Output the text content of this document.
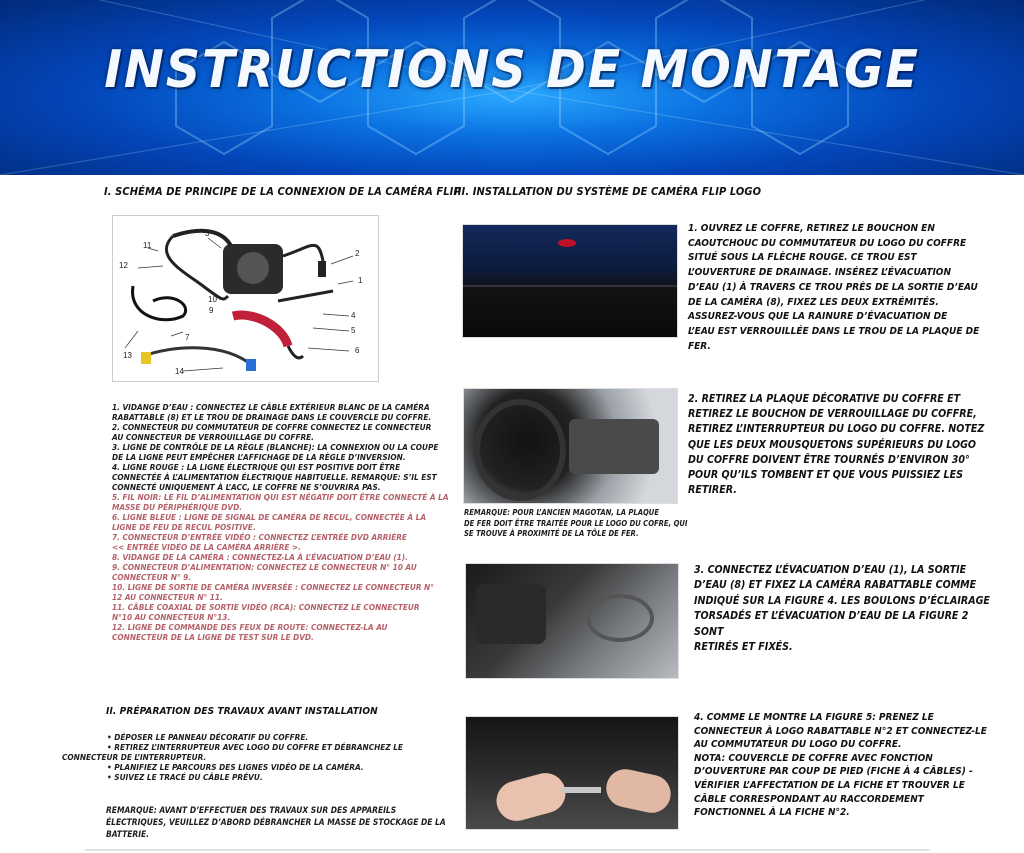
INSTRUCTIONS DE MONTAGE
I. SCHÉMA DE PRINCIPE DE LA CONNEXION DE LA CAMÉRA FLIP
1
2
3
4
5
6
7
9
10
11
12
13
14
1. VIDANGE D’EAU : CONNECTEZ LE CÂBLE EXTÉRIEUR BLANC DE LA CAMÉRA
RABATTABLE (8) ET LE TROU DE DRAINAGE DANS LE COUVERCLE DU COFFRE.
2. CONNECTEUR DU COMMUTATEUR DE COFFRE CONNECTEZ LE CONNECTEUR
AU CONNECTEUR DE VERROUILLAGE DU COFFRE.
3. LIGNE DE CONTRÔLE DE LA RÈGLE (BLANCHE): LA CONNEXION OU LA COUPE
DE LA LIGNE PEUT EMPÊCHER L’AFFICHAGE DE LA RÈGLE D’INVERSION.
4. LIGNE ROUGE : LA LIGNE ÉLECTRIQUE QUI EST POSITIVE DOIT ÊTRE
CONNECTÉE À L’ALIMENTATION ÉLECTRIQUE HABITUELLE. REMARQUE: S’IL EST
CONNECTÉ UNIQUEMENT À L’ACC, LE COFFRE NE S’OUVRIRA PAS.
5. FIL NOIR: LE FIL D’ALIMENTATION QUI EST NÉGATIF DOIT ÊTRE CONNECTÉ À LA
MASSE DU PÉRIPHÉRIQUE DVD.
6. LIGNE BLEUE : LIGNE DE SIGNAL DE CAMÉRA DE RECUL, CONNECTÉE À LA
LIGNE DE FEU DE RECUL POSITIVE.
7. CONNECTEUR D’ENTRÉE VIDÉO : CONNECTEZ L’ENTRÉE DVD ARRIÈRE
<< ENTRÉE VIDÉO DE LA CAMÉRA ARRIÈRE >.
8. VIDANGE DE LA CAMÉRA : CONNECTEZ-LA À L’ÉVACUATION D’EAU (1).
9. CONNECTEUR D’ALIMENTATION: CONNECTEZ LE CONNECTEUR N° 10 AU
CONNECTEUR N° 9.
10. LIGNE DE SORTIE DE CAMÉRA INVERSÉE : CONNECTEZ LE CONNECTEUR N°
12 AU CONNECTEUR N° 11.
11. CÂBLE COAXIAL DE SORTIE VIDÉO (RCA): CONNECTEZ LE CONNECTEUR
N°10 AU CONNECTEUR N°13.
12. LIGNE DE COMMANDE DES FEUX DE ROUTE: CONNECTEZ-LA AU
CONNECTEUR DE LA LIGNE DE TEST SUR LE DVD.
II. PRÉPARATION DES TRAVAUX AVANT INSTALLATION
• DÉPOSER LE PANNEAU DÉCORATIF DU COFFRE.
• RETIREZ L’INTERRUPTEUR AVEC LOGO DU COFFRE ET DÉBRANCHEZ LE
CONNECTEUR DE L’INTERRUPTEUR.
• PLANIFIEZ LE PARCOURS DES LIGNES VIDÉO DE LA CAMÉRA.
• SUIVEZ LE TRACÉ DU CÂBLE PRÉVU.
REMARQUE: AVANT D’EFFECTUER DES TRAVAUX SUR DES APPAREILS
ÉLECTRIQUES, VEUILLEZ D’ABORD DÉBRANCHER LA MASSE DE STOCKAGE DE LA
BATTERIE.
III. INSTALLATION DU SYSTÈME DE CAMÉRA FLIP LOGO
1. OUVREZ LE COFFRE, RETIREZ LE BOUCHON EN
CAOUTCHOUC DU COMMUTATEUR DU LOGO DU COFFRE
SITUÉ SOUS LA FLÈCHE ROUGE. CE TROU EST
L’OUVERTURE DE DRAINAGE. INSÉREZ L’ÉVACUATION
D’EAU (1) À TRAVERS CE TROU PRÈS DE LA SORTIE D’EAU
DE LA CAMÉRA (8), FIXEZ LES DEUX EXTRÉMITÉS.
ASSUREZ-VOUS QUE LA RAINURE D’ÉVACUATION DE
L’EAU EST VERROUILLÉE DANS LE TROU DE LA PLAQUE DE
FER.
REMARQUE: POUR L’ANCIEN MAGOTAN, LA PLAQUE
DE FER DOIT ÊTRE TRAITÉE POUR LE LOGO DU COFRE, QUI
SE TROUVE À PROXIMITÉ DE LA TÔLE DE FER.
2. RETIREZ LA PLAQUE DÉCORATIVE DU COFFRE ET
RETIREZ LE BOUCHON DE VERROUILLAGE DU COFFRE,
RETIREZ L’INTERRUPTEUR DU LOGO DU COFFRE. NOTEZ
QUE LES DEUX MOUSQUETONS SUPÉRIEURS DU LOGO
DU COFFRE DOIVENT ÊTRE TOURNÉS D’ENVIRON 30°
POUR QU’ILS TOMBENT ET QUE VOUS PUISSIEZ LES
RETIRER.
3. CONNECTEZ L’ÉVACUATION D’EAU (1), LA SORTIE
D’EAU (8) ET FIXEZ LA CAMÉRA RABATTABLE COMME
INDIQUÉ SUR LA FIGURE 4. LES BOULONS D’ÉCLAIRAGE
TORSADÉS ET L’ÉVACUATION D’EAU DE LA FIGURE 2
SONT
RETIRÉS ET FIXÉS.
4. COMME LE MONTRE LA FIGURE 5: PRENEZ LE
CONNECTEUR À LOGO RABATTABLE N°2 ET CONNECTEZ-LE
AU COMMUTATEUR DU LOGO DU COFFRE.
NOTA: COUVERCLE DE COFFRE AVEC FONCTION
D’OUVERTURE PAR COUP DE PIED (FICHE À 4 CÂBLES) -
VÉRIFIER L’AFFECTATION DE LA FICHE ET TROUVER LE
CÂBLE CORRESPONDANT AU RACCORDEMENT
FONCTIONNEL À LA FICHE N°2.
